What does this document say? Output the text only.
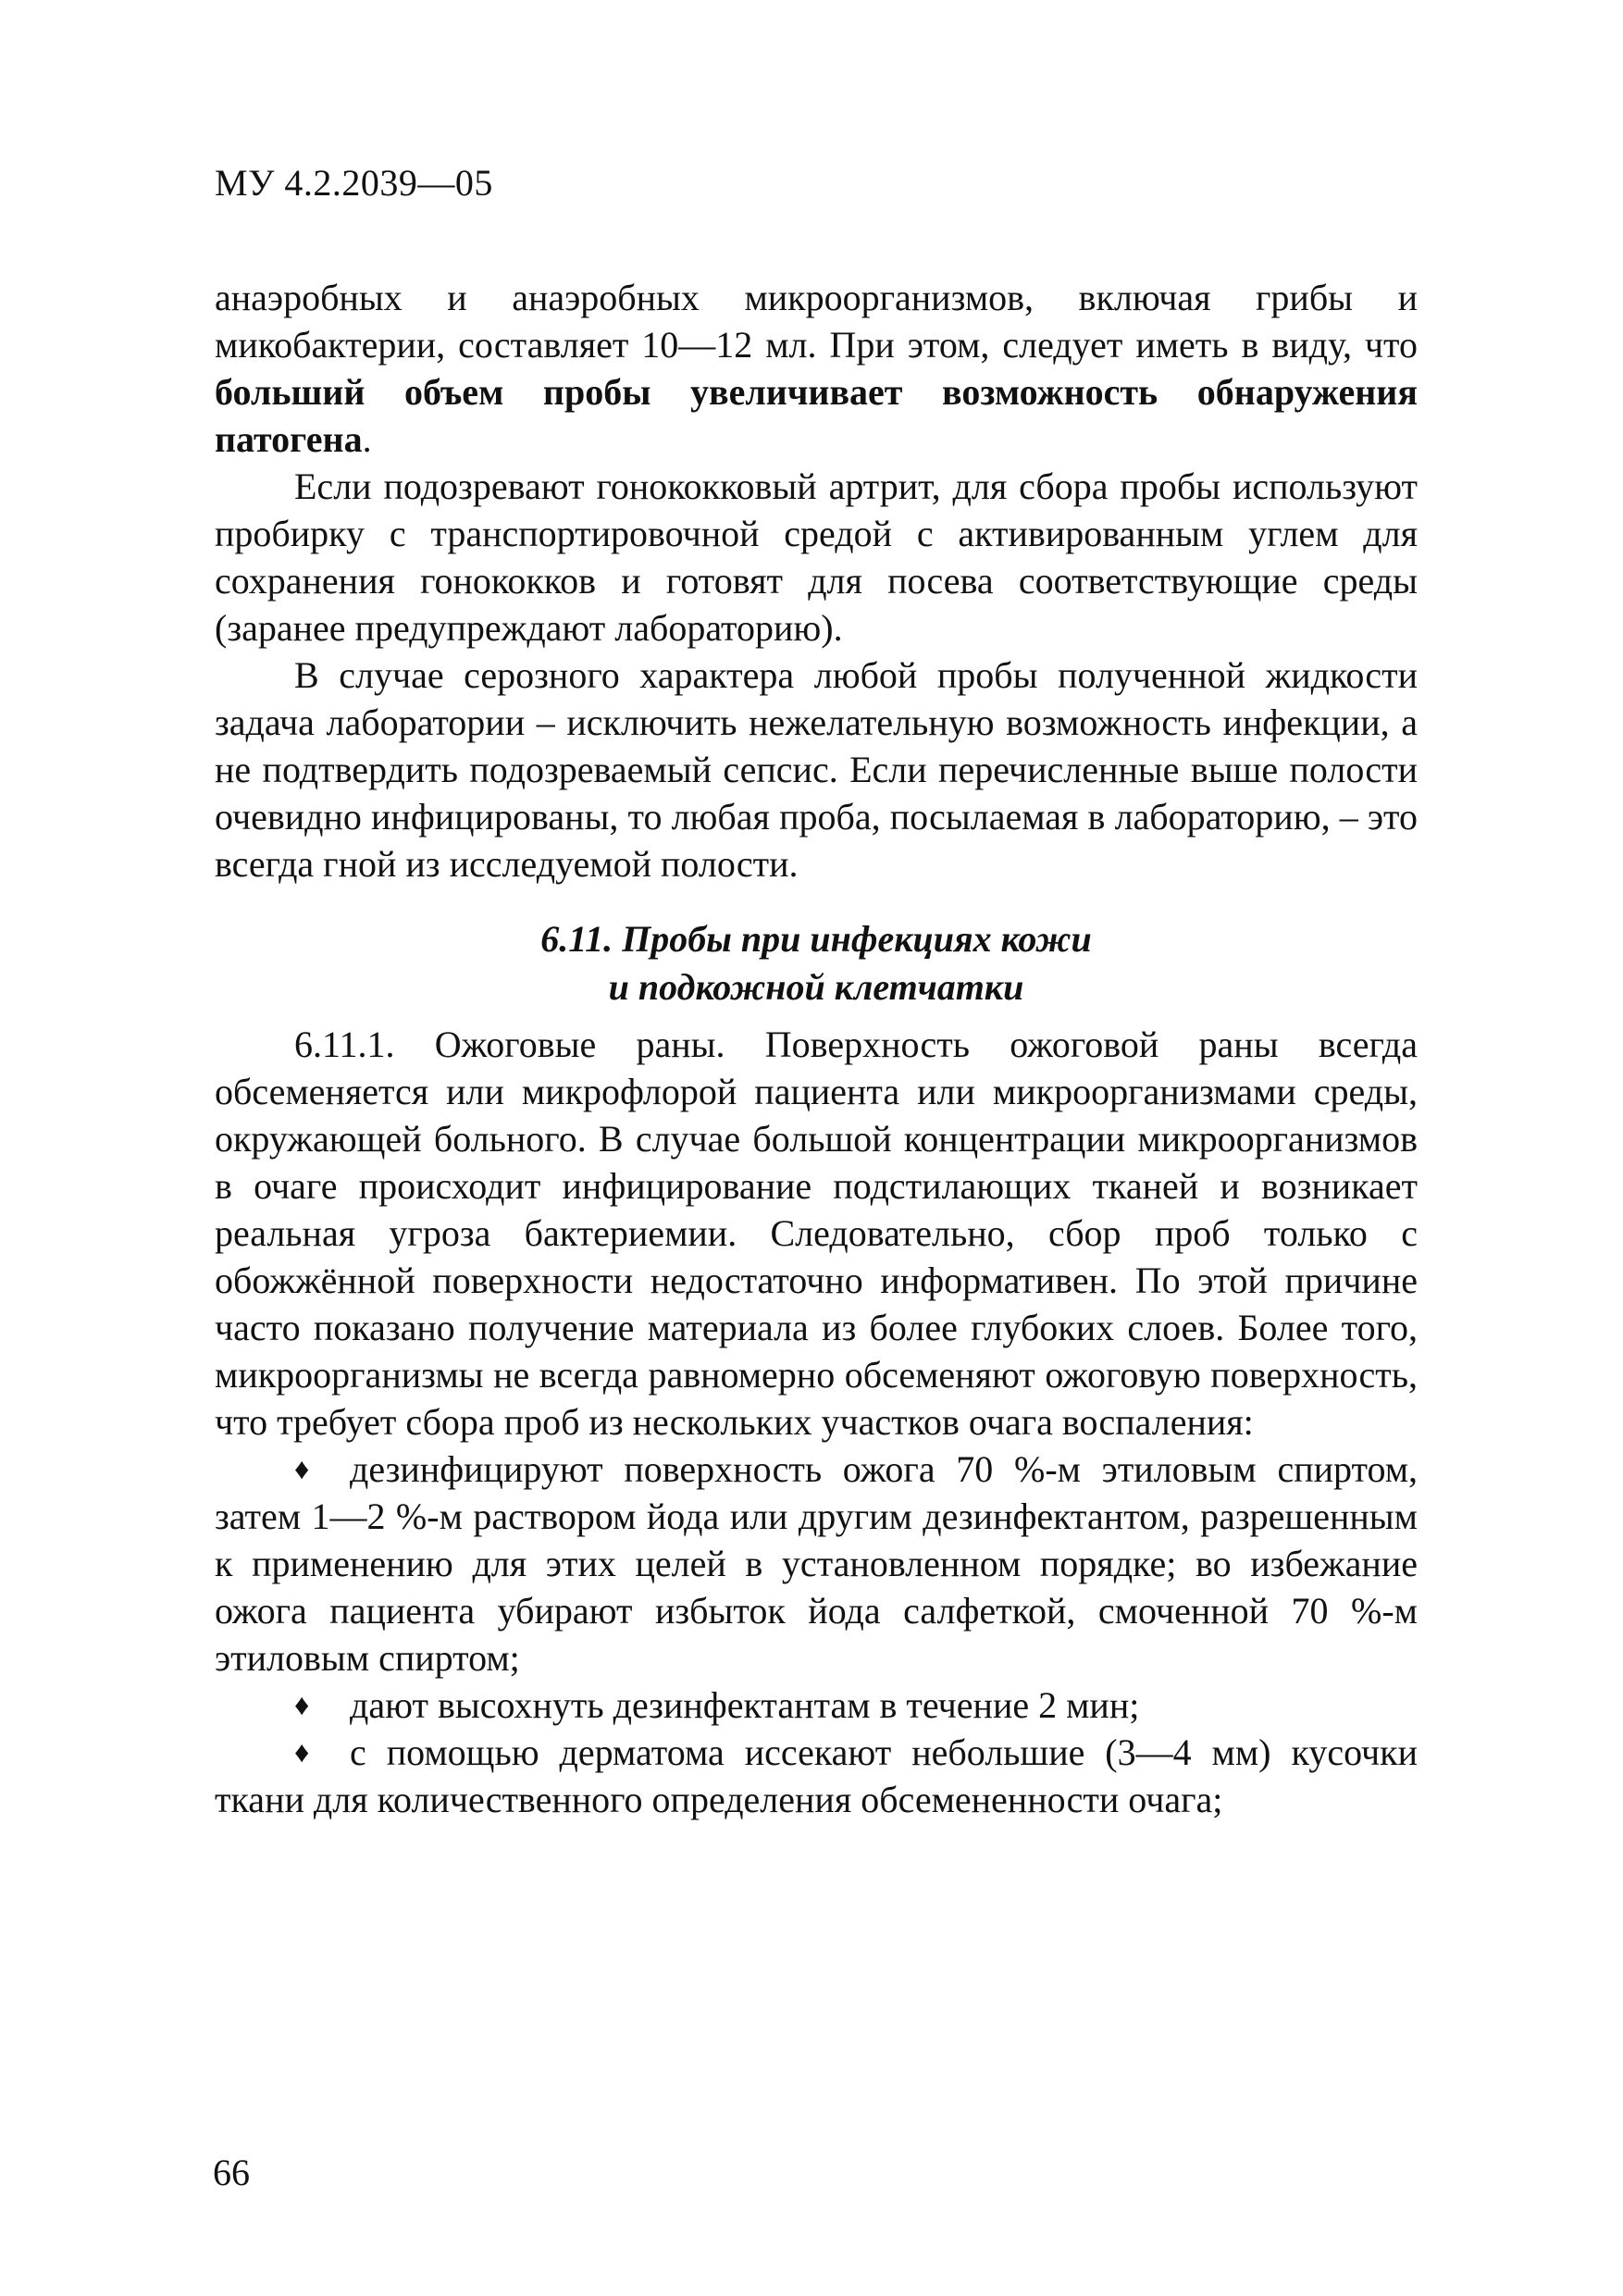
МУ 4.2.2039—05

анаэробных и анаэробных микроорганизмов, включая грибы и микобактерии, составляет 10—12 мл. При этом, следует иметь в виду, что больший объем пробы увеличивает возможность обнаружения патогена.

Если подозревают гонококковый артрит, для сбора пробы используют пробирку с транспортировочной средой с активированным углем для сохранения гонококков и готовят для посева соответствующие среды (заранее предупреждают лабораторию).

В случае серозного характера любой пробы полученной жидкости задача лаборатории – исключить нежелательную возможность инфекции, а не подтвердить подозреваемый сепсис. Если перечисленные выше полости очевидно инфицированы, то любая проба, посылаемая в лабораторию, – это всегда гной из исследуемой полости.

6.11. Пробы при инфекциях кожи
и подкожной клетчатки

6.11.1. Ожоговые раны. Поверхность ожоговой раны всегда обсеменяется или микрофлорой пациента или микроорганизмами среды, окружающей больного. В случае большой концентрации микроорганизмов в очаге происходит инфицирование подстилающих тканей и возникает реальная угроза бактериемии. Следовательно, сбор проб только с обожжённой поверхности недостаточно информативен. По этой причине часто показано получение материала из более глубоких слоев. Более того, микроорганизмы не всегда равномерно обсеменяют ожоговую поверхность, что требует сбора проб из нескольких участков очага воспаления:

♦ дезинфицируют поверхность ожога 70 %-м этиловым спиртом, затем 1—2 %-м раствором йода или другим дезинфектантом, разрешенным к применению для этих целей в установленном порядке; во избежание ожога пациента убирают избыток йода салфеткой, смоченной 70 %-м этиловым спиртом;

♦ дают высохнуть дезинфектантам в течение 2 мин;

♦ с помощью дерматома иссекают небольшие (3—4 мм) кусочки ткани для количественного определения обсемененности очага;

66
